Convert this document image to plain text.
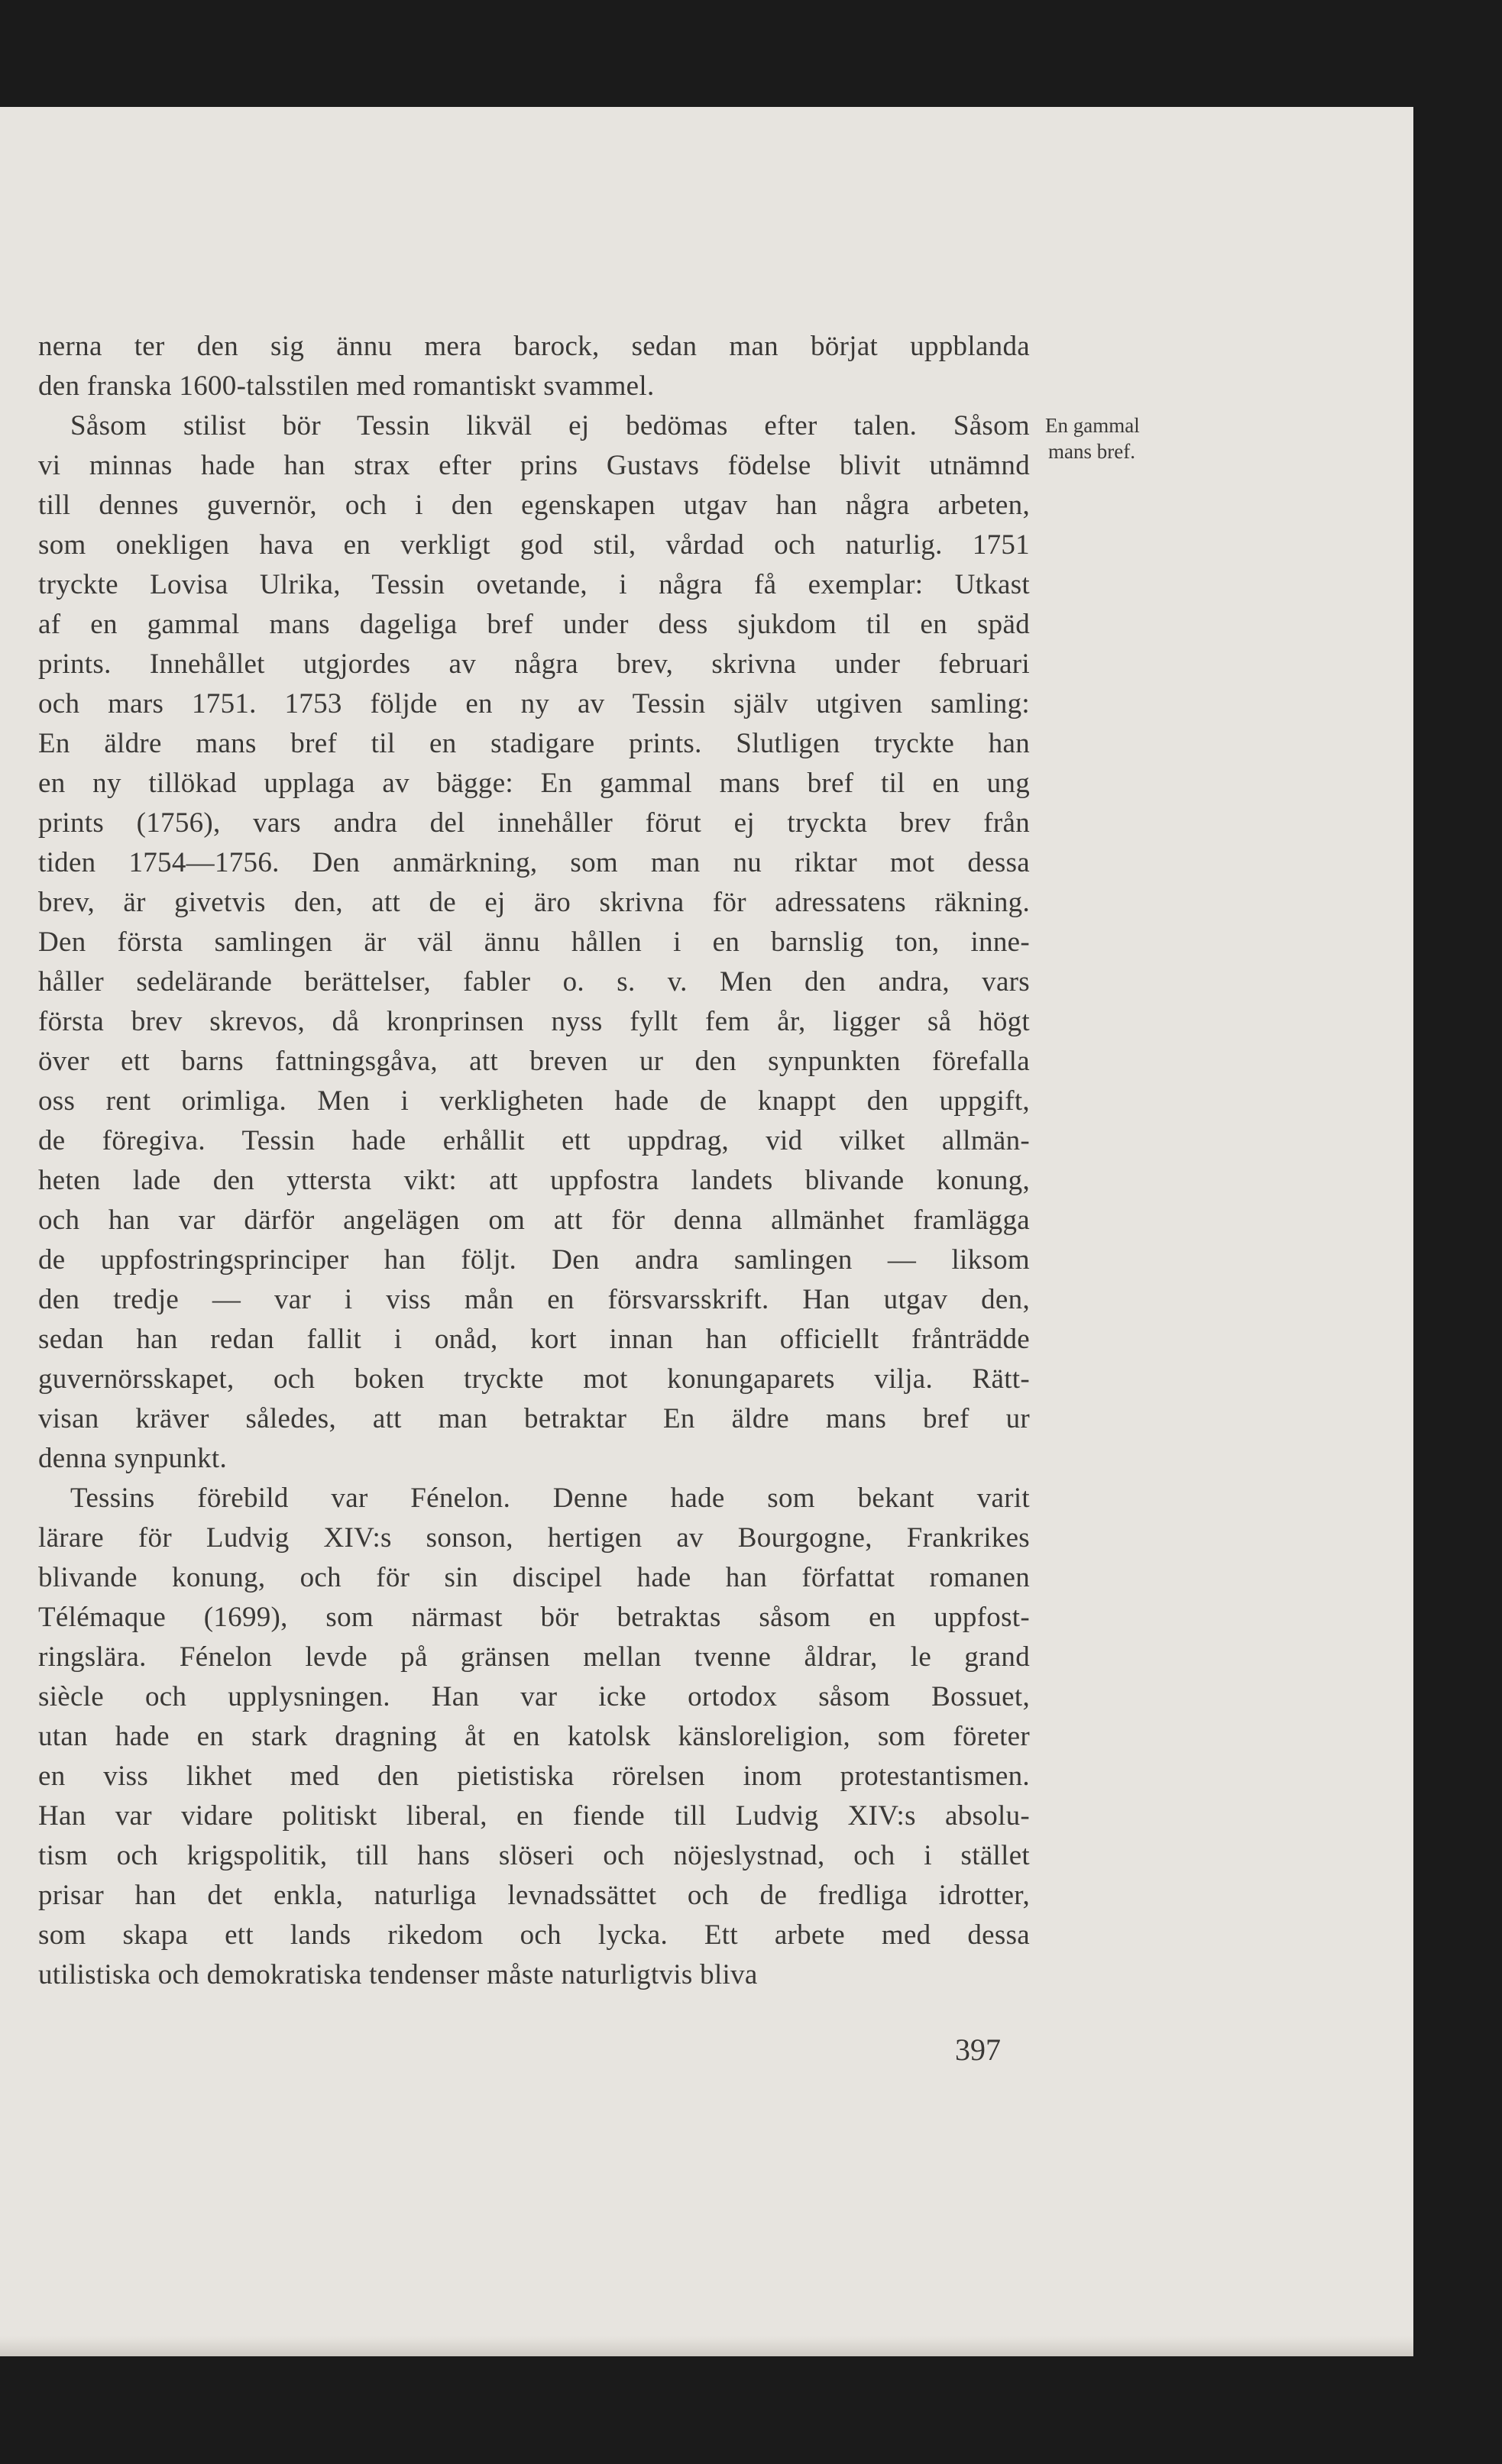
nerna ter den sig ännu mera barock, sedan man börjat uppblanda
den franska 1600-talsstilen med romantiskt svammel.
Såsom stilist bör Tessin likväl ej bedömas efter talen. Såsom
vi minnas hade han strax efter prins Gustavs födelse blivit utnämnd
till dennes guvernör, och i den egenskapen utgav han några arbeten,
som onekligen hava en verkligt god stil, vårdad och naturlig. 1751
tryckte Lovisa Ulrika, Tessin ovetande, i några få exemplar: Utkast
af en gammal mans dageliga bref under dess sjukdom til en späd
prints. Innehållet utgjordes av några brev, skrivna under februari
och mars 1751. 1753 följde en ny av Tessin själv utgiven samling:
En äldre mans bref til en stadigare prints. Slutligen tryckte han
en ny tillökad upplaga av bägge: En gammal mans bref til en ung
prints (1756), vars andra del innehåller förut ej tryckta brev från
tiden 1754—1756. Den anmärkning, som man nu riktar mot dessa
brev, är givetvis den, att de ej äro skrivna för adressatens räkning.
Den första samlingen är väl ännu hållen i en barnslig ton, inne-
håller sedelärande berättelser, fabler o. s. v. Men den andra, vars
första brev skrevos, då kronprinsen nyss fyllt fem år, ligger så högt
över ett barns fattningsgåva, att breven ur den synpunkten förefalla
oss rent orimliga. Men i verkligheten hade de knappt den uppgift,
de föregiva. Tessin hade erhållit ett uppdrag, vid vilket allmän-
heten lade den yttersta vikt: att uppfostra landets blivande konung,
och han var därför angelägen om att för denna allmänhet framlägga
de uppfostringsprinciper han följt. Den andra samlingen — liksom
den tredje — var i viss mån en försvarsskrift. Han utgav den,
sedan han redan fallit i onåd, kort innan han officiellt frånträdde
guvernörsskapet, och boken tryckte mot konungaparets vilja. Rätt-
visan kräver således, att man betraktar En äldre mans bref ur
denna synpunkt.
Tessins förebild var Fénelon. Denne hade som bekant varit
lärare för Ludvig XIV:s sonson, hertigen av Bourgogne, Frankrikes
blivande konung, och för sin discipel hade han författat romanen
Télémaque (1699), som närmast bör betraktas såsom en uppfost-
ringslära. Fénelon levde på gränsen mellan tvenne åldrar, le grand
siècle och upplysningen. Han var icke ortodox såsom Bossuet,
utan hade en stark dragning åt en katolsk känsloreligion, som företer
en viss likhet med den pietistiska rörelsen inom protestantismen.
Han var vidare politiskt liberal, en fiende till Ludvig XIV:s absolu-
tism och krigspolitik, till hans slöseri och nöjeslystnad, och i stället
prisar han det enkla, naturliga levnadssättet och de fredliga idrotter,
som skapa ett lands rikedom och lycka. Ett arbete med dessa
utilistiska och demokratiska tendenser måste naturligtvis bliva
En gammal
mans bref.
397
